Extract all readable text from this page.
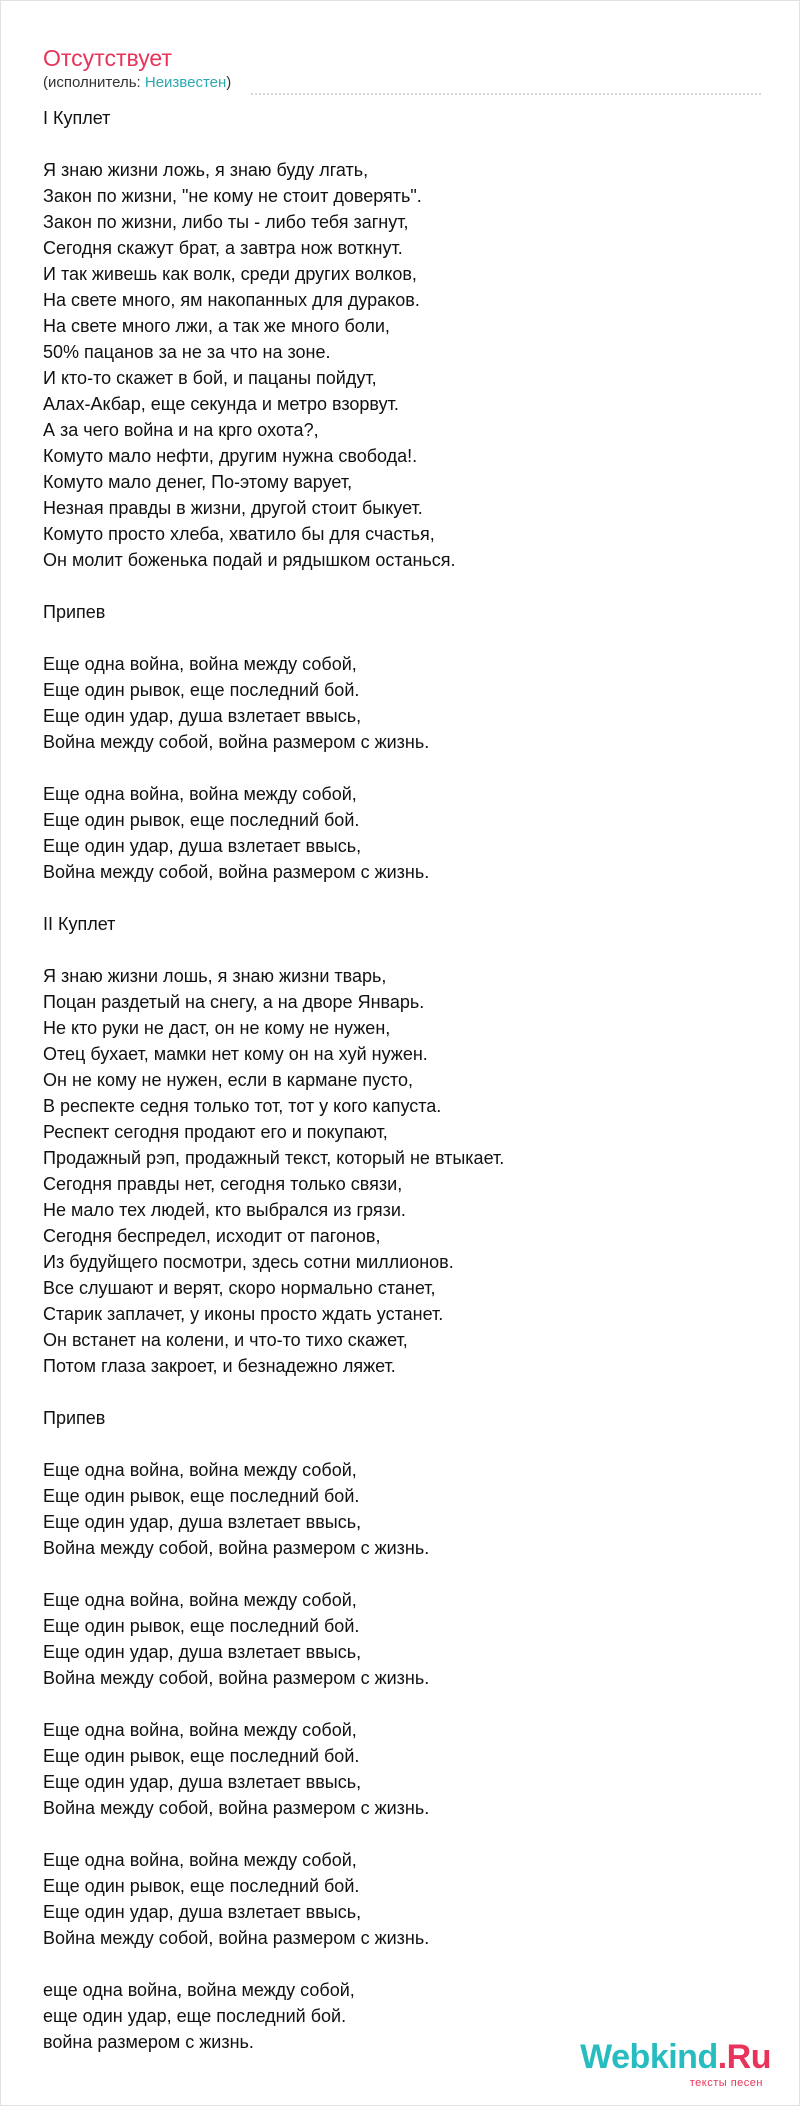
Отсутствует
(исполнитель: Неизвестен)
I Куплет
Я знаю жизни ложь, я знаю буду лгать,
Закон по жизни, "не кому не стоит доверять".
Закон по жизни, либо ты - либо тебя загнут,
Сегодня скажут брат, а завтра нож воткнут.
И так живешь как волк, среди других волков,
На свете много, ям накопанных для дураков.
На свете много лжи, а так же много боли,
50% пацанов за не за что на зоне.
И кто-то скажет в бой, и пацаны пойдут,
Алах-Акбар, еще секунда и метро взорвут.
А за чего война и на крго охота?,
Комуто мало нефти, другим нужна свобода!.
Комуто мало денег, По-этому варует,
Незная правды в жизни, другой стоит быкует.
Комуто просто хлеба, хватило бы для счастья,
Он молит боженька подай и рядышком останься.
Припев
Еще одна война, война между собой,
Еще один рывок, еще последний бой.
Еще один удар, душа взлетает ввысь,
Война между собой, война размером с жизнь.
Еще одна война, война между собой,
Еще один рывок, еще последний бой.
Еще один удар, душа взлетает ввысь,
Война между собой, война размером с жизнь.
II Куплет
Я знаю жизни лошь, я знаю жизни тварь,
Поцан раздетый на снегу, а на дворе Январь.
Не кто руки не даст, он не кому не нужен,
Отец бухает, мамки нет кому он на хуй нужен.
Он не кому не нужен, если в кармане пусто,
В респекте седня только тот, тот у кого капуста.
Респект сегодня продают его и покупают,
Продажный рэп, продажный текст, который не втыкает.
Сегодня правды нет, сегодня только связи,
Не мало тех людей, кто выбрался из грязи.
Сегодня беспредел, исходит от пагонов,
Из будуйщего посмотри, здесь сотни миллионов.
Все слушают и верят, скоро нормально станет,
Старик заплачет, у иконы просто ждать устанет.
Он встанет на колени, и что-то тихо скажет,
Потом глаза закроет, и безнадежно ляжет.
Припев
Еще одна война, война между собой,
Еще один рывок, еще последний бой.
Еще один удар, душа взлетает ввысь,
Война между собой, война размером с жизнь.
Еще одна война, война между собой,
Еще один рывок, еще последний бой.
Еще один удар, душа взлетает ввысь,
Война между собой, война размером с жизнь.
Еще одна война, война между собой,
Еще один рывок, еще последний бой.
Еще один удар, душа взлетает ввысь,
Война между собой, война размером с жизнь.
Еще одна война, война между собой,
Еще один рывок, еще последний бой.
Еще один удар, душа взлетает ввысь,
Война между собой, война размером с жизнь.
еще одна война, война между собой,
еще один удар, еще последний бой.
война размером с жизнь.	Webkind.Ru
тексты песен
